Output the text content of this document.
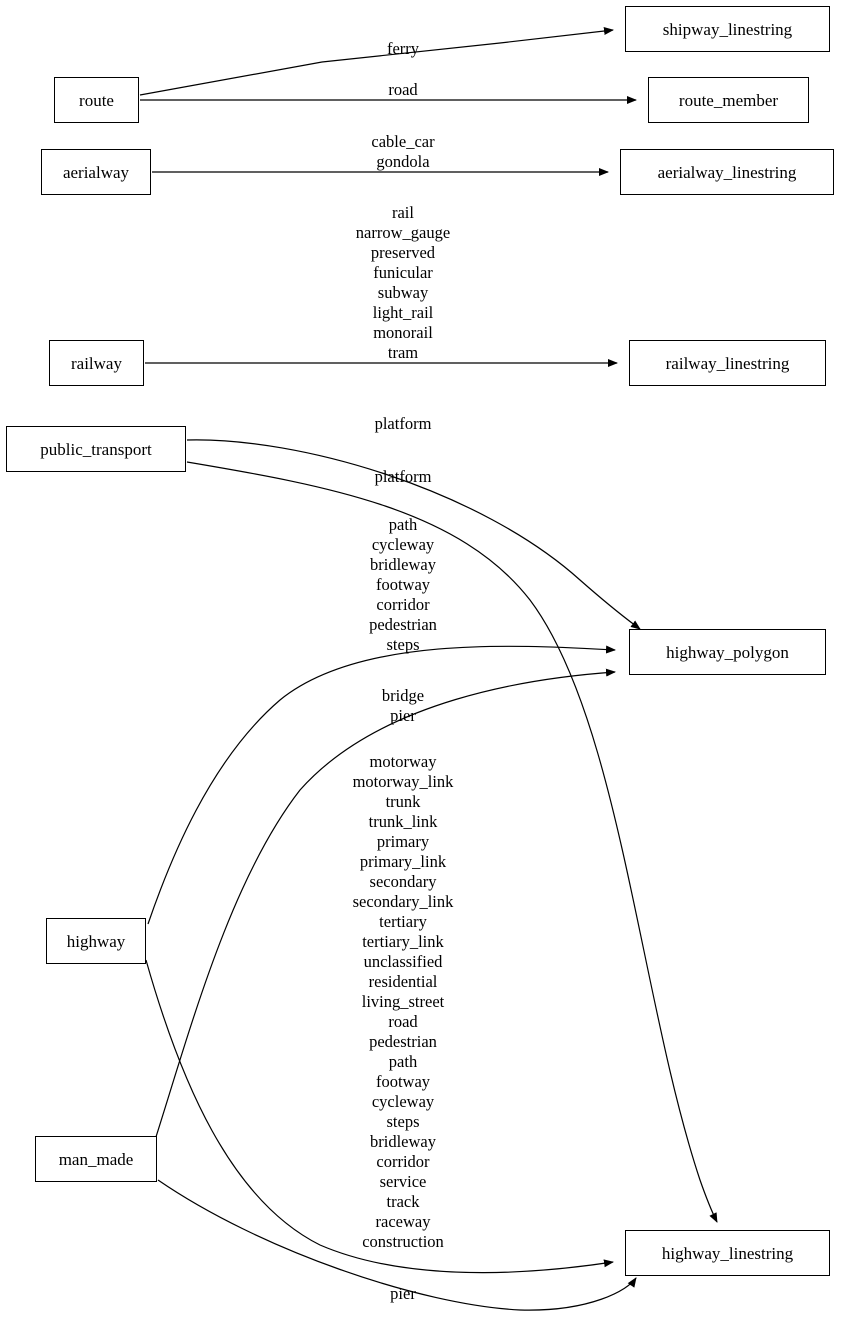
route
shipway_linestring
route_member
aerialway	aerialway_linestring
railway	railway_linestring
public_transport
highway_polygon
highway
man_made
highway_linestring
ferry
road
cable_car
gondola
rail
narrow_gauge
preserved
funicular
subway
light_rail
monorail
tram
platform
platform
path
cycleway
bridleway
footway
corridor
pedestrian
steps
bridge
pier
motorway
motorway_link
trunk
trunk_link
primary
primary_link
secondary
secondary_link
tertiary
tertiary_link
unclassified
residential
living_street
road
pedestrian
path
footway
cycleway
steps
bridleway
corridor
service
track
raceway
construction
pier
